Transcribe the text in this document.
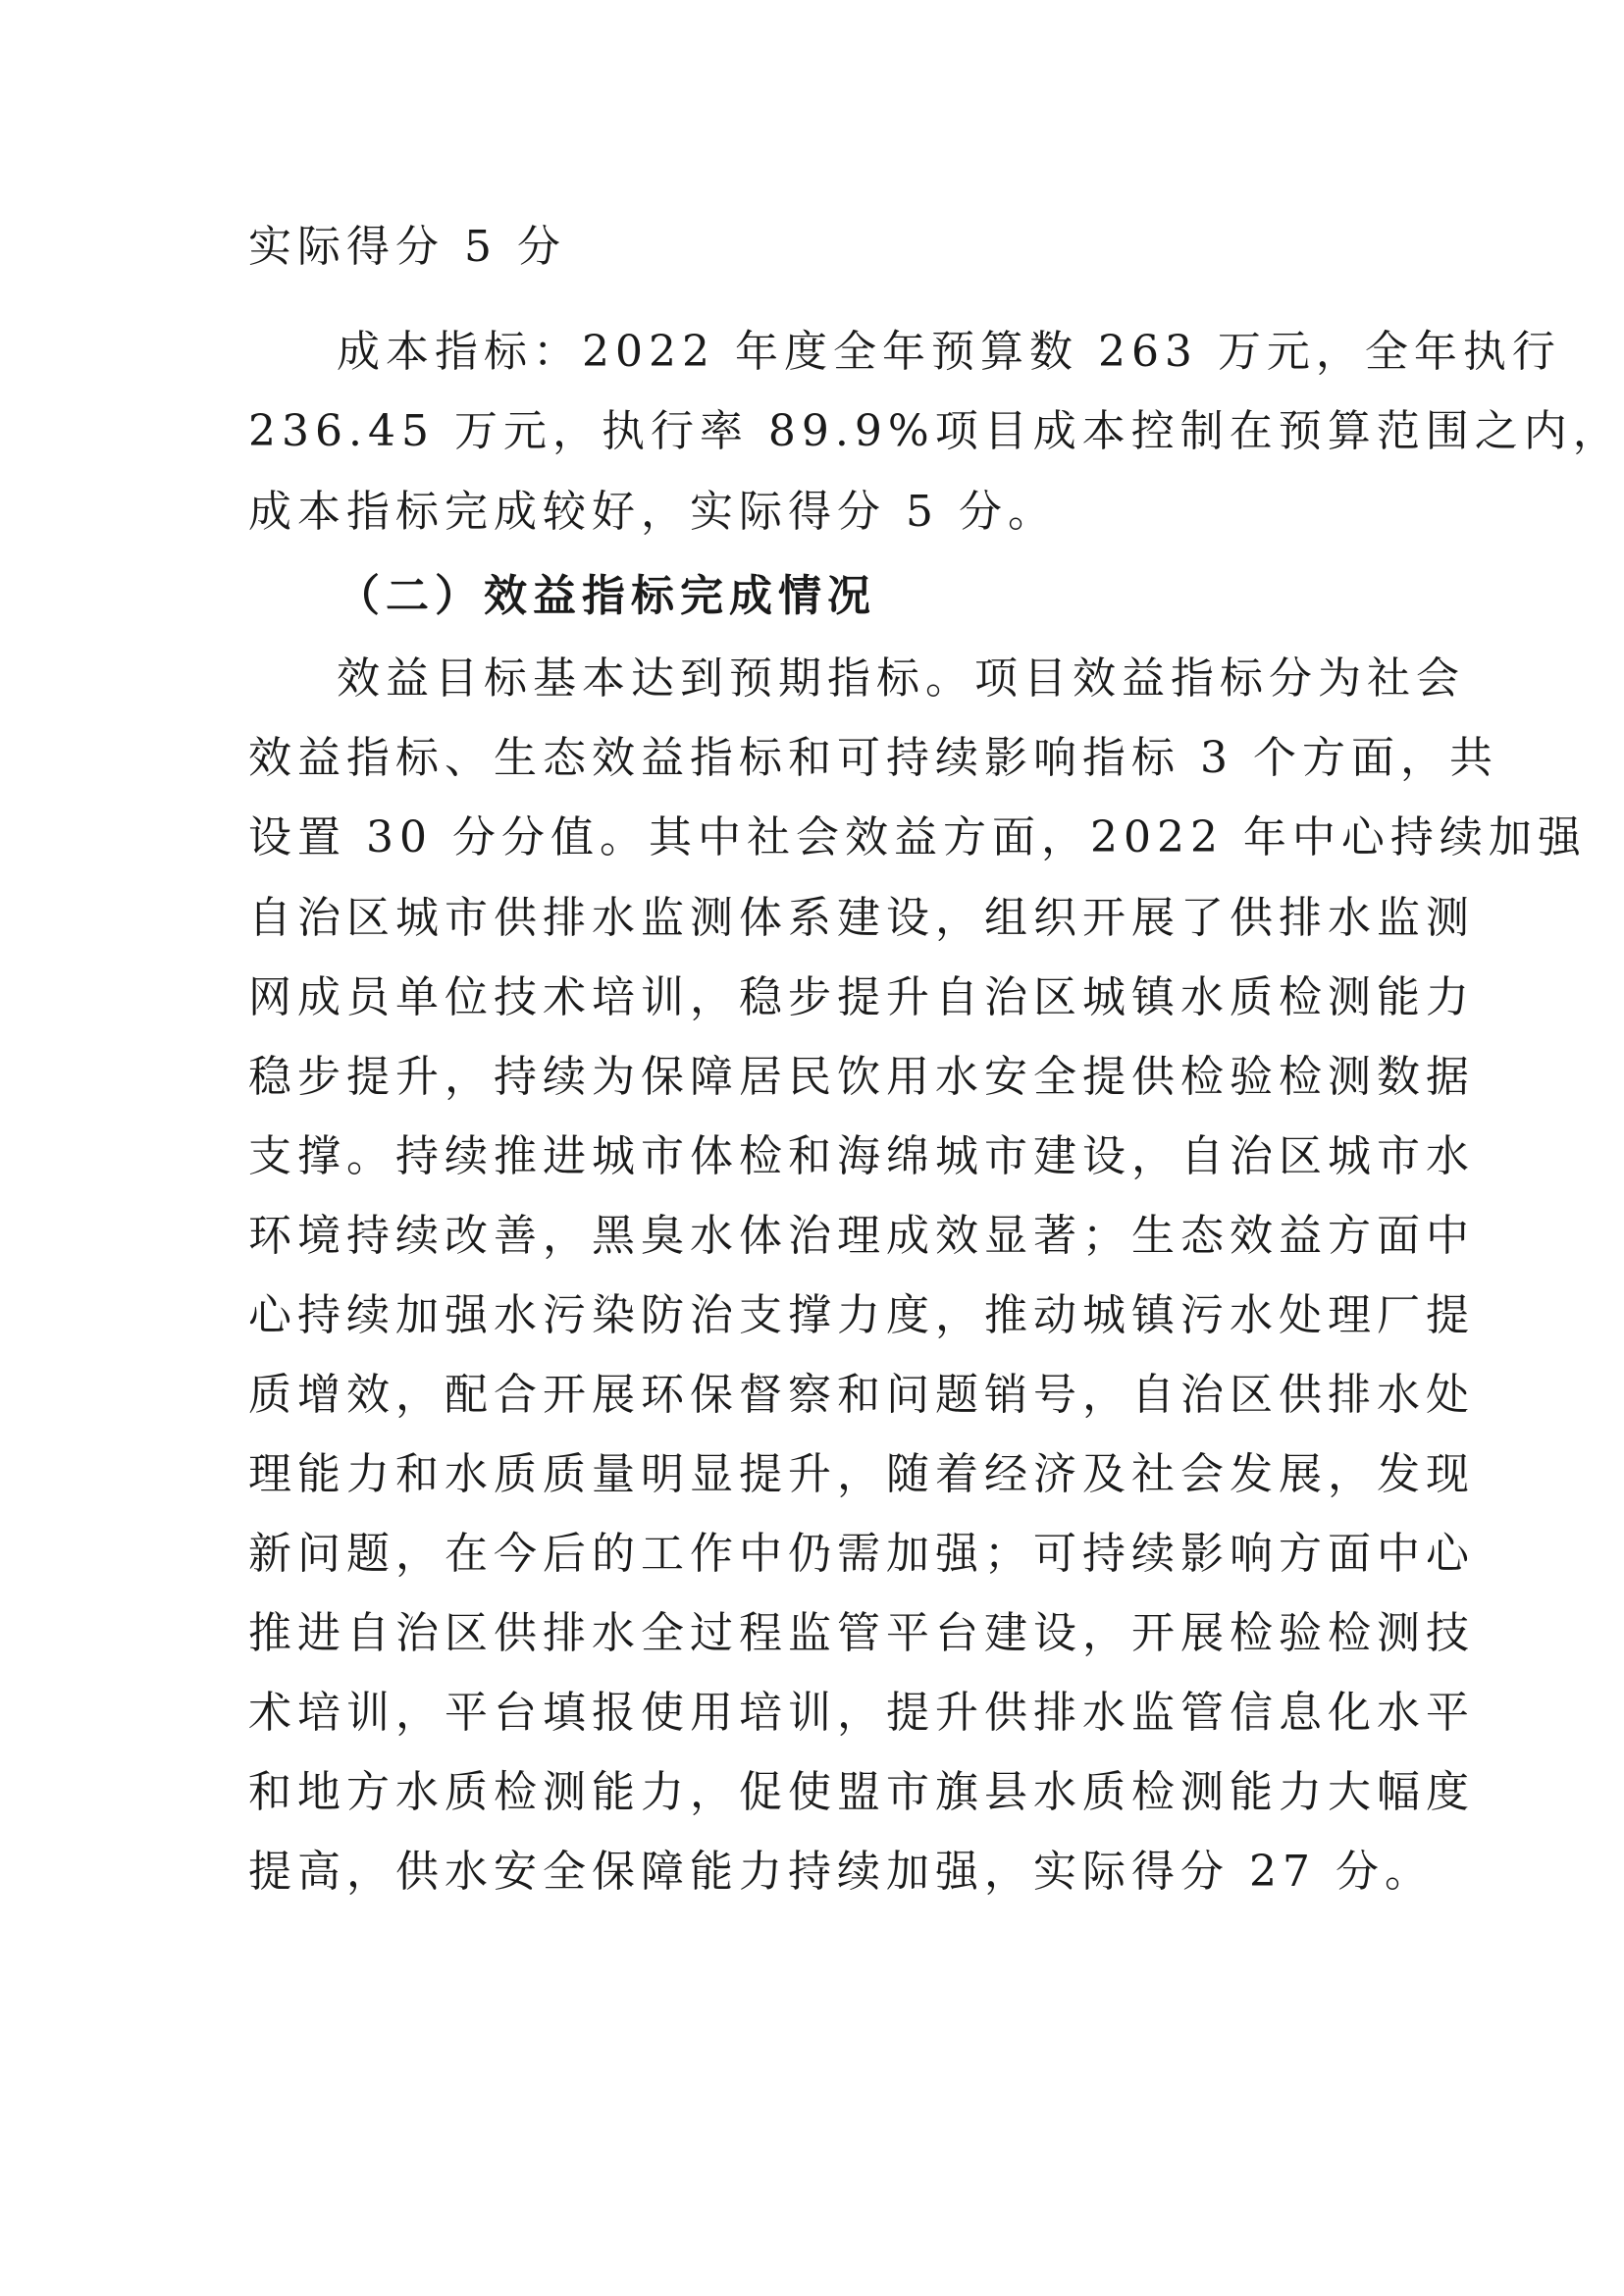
实际得分 5 分
成本指标：2022 年度全年预算数 263 万元，全年执行
236.45 万元，执行率 89.9%项目成本控制在预算范围之内，
成本指标完成较好，实际得分 5 分。
（二）效益指标完成情况
效益目标基本达到预期指标。项目效益指标分为社会
效益指标、生态效益指标和可持续影响指标 3 个方面，共
设置 30 分分值。其中社会效益方面，2022 年中心持续加强
自治区城市供排水监测体系建设，组织开展了供排水监测
网成员单位技术培训，稳步提升自治区城镇水质检测能力
稳步提升，持续为保障居民饮用水安全提供检验检测数据
支撑。持续推进城市体检和海绵城市建设，自治区城市水
环境持续改善，黑臭水体治理成效显著；生态效益方面中
心持续加强水污染防治支撑力度，推动城镇污水处理厂提
质增效，配合开展环保督察和问题销号，自治区供排水处
理能力和水质质量明显提升，随着经济及社会发展，发现
新问题，在今后的工作中仍需加强；可持续影响方面中心
推进自治区供排水全过程监管平台建设，开展检验检测技
术培训，平台填报使用培训，提升供排水监管信息化水平
和地方水质检测能力，促使盟市旗县水质检测能力大幅度
提高，供水安全保障能力持续加强，实际得分 27 分。
